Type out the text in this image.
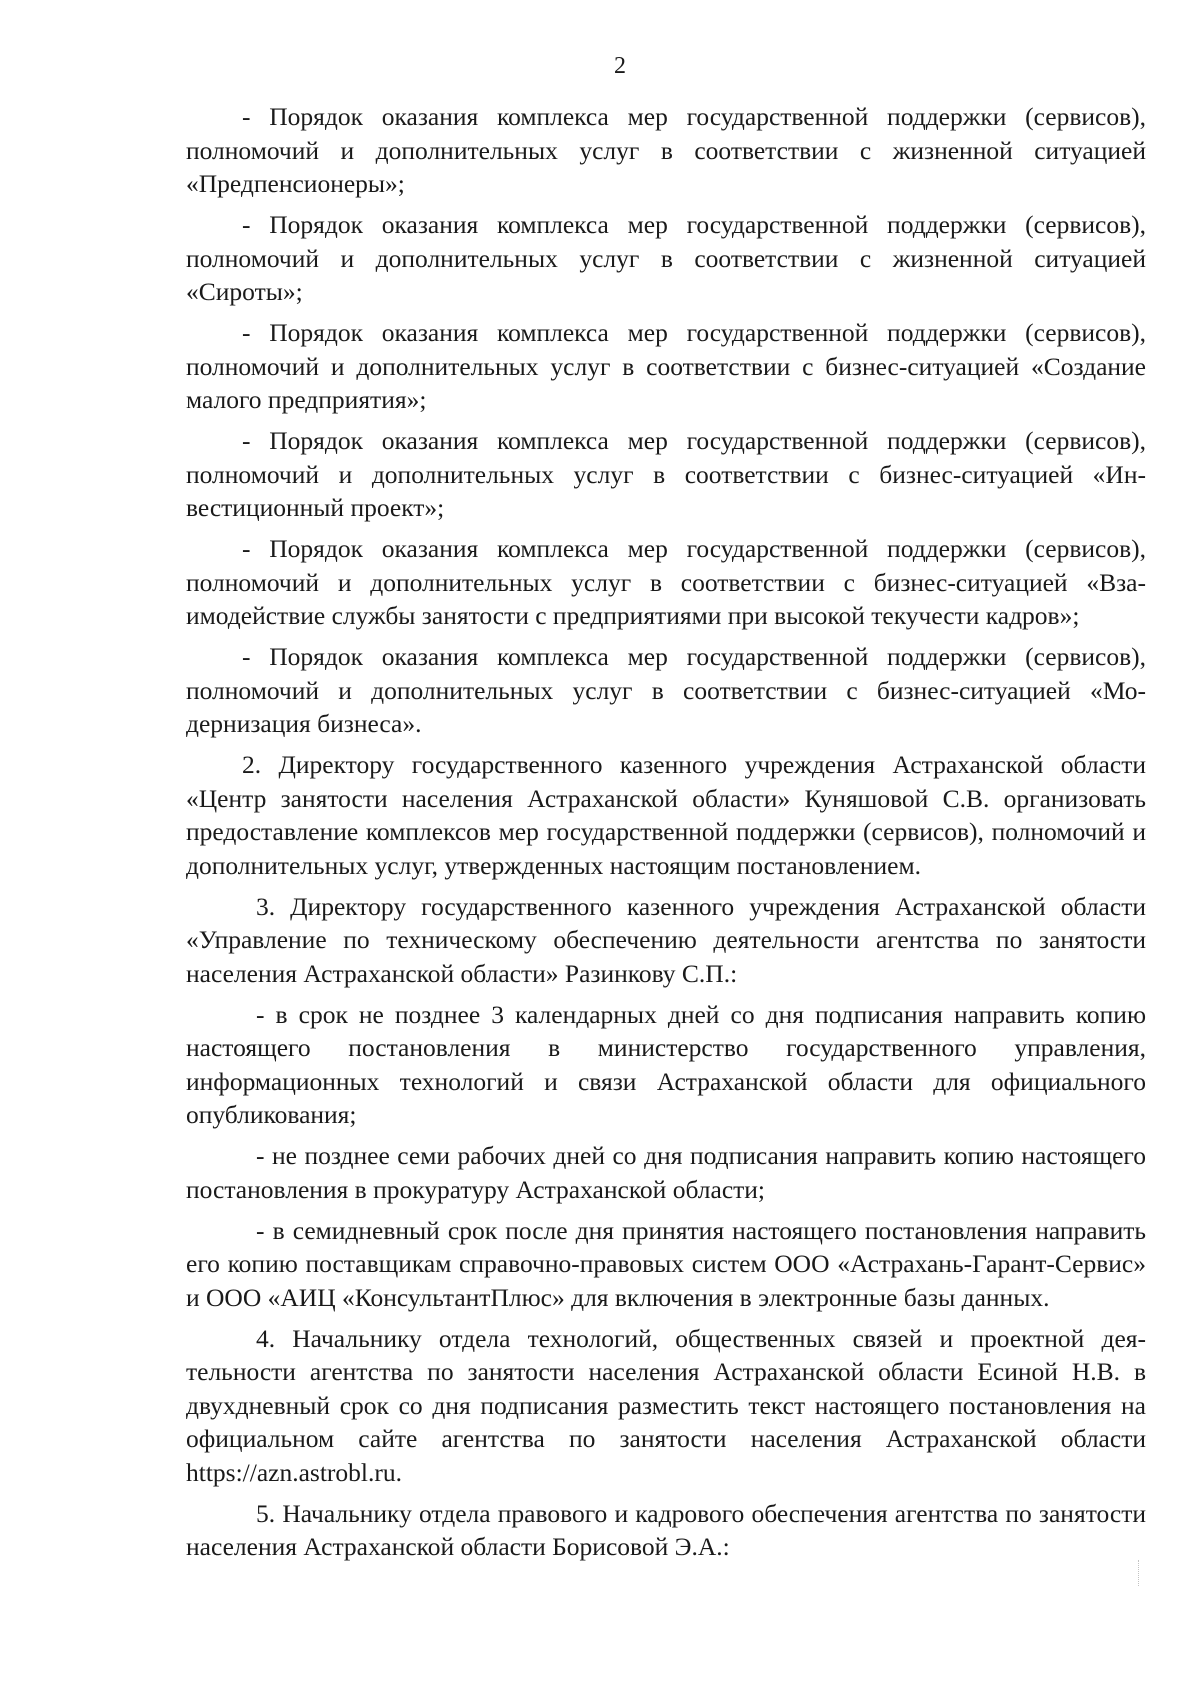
2

- Порядок оказания комплекса мер государственной поддержки (сервисов), полномочий и дополнительных услуг в соответствии с жизненной ситуацией «Предпенсионеры»;

- Порядок оказания комплекса мер государственной поддержки (сервисов), полномочий и дополнительных услуг в соответствии с жизненной ситуацией «Сироты»;

- Порядок оказания комплекса мер государственной поддержки (сервисов), полномочий и дополнительных услуг в соответствии с бизнес-ситуацией «Создание малого предприятия»;

- Порядок оказания комплекса мер государственной поддержки (сервисов), полномочий и дополнительных услуг в соответствии с бизнес-ситуацией «Инвестиционный проект»;

- Порядок оказания комплекса мер государственной поддержки (сервисов), полномочий и дополнительных услуг в соответствии с бизнес-ситуацией «Взаимодействие службы занятости с предприятиями при высокой текучести кадров»;

- Порядок оказания комплекса мер государственной поддержки (сервисов), полномочий и дополнительных услуг в соответствии с бизнес-ситуацией «Модернизация бизнеса».

2. Директору государственного казенного учреждения Астраханской области «Центр занятости населения Астраханской области» Куняшовой С.В. организовать предоставление комплексов мер государственной поддержки (сервисов), полномочий и дополнительных услуг, утвержденных настоящим постановлением.

3. Директору государственного казенного учреждения Астраханской области «Управление по техническому обеспечению деятельности агентства по занятости населения Астраханской области» Разинкову С.П.:

- в срок не позднее 3 календарных дней со дня подписания направить копию настоящего постановления в министерство государственного управления, информационных технологий и связи Астраханской области для официального опубликования;

- не позднее семи рабочих дней со дня подписания направить копию настоящего постановления в прокуратуру Астраханской области;

- в семидневный срок после дня принятия настоящего постановления направить его копию поставщикам справочно-правовых систем ООО «Астрахань-Гарант-Сервис» и ООО «АИЦ «КонсультантПлюс» для включения в электронные базы данных.

4. Начальнику отдела технологий, общественных связей и проектной деятельности агентства по занятости населения Астраханской области Есиной Н.В. в двухдневный срок со дня подписания разместить текст настоящего постановления на официальном сайте агентства по занятости населения Астраханской области https://azn.astrobl.ru.

5. Начальнику отдела правового и кадрового обеспечения агентства по занятости населения Астраханской области Борисовой Э.А.:
